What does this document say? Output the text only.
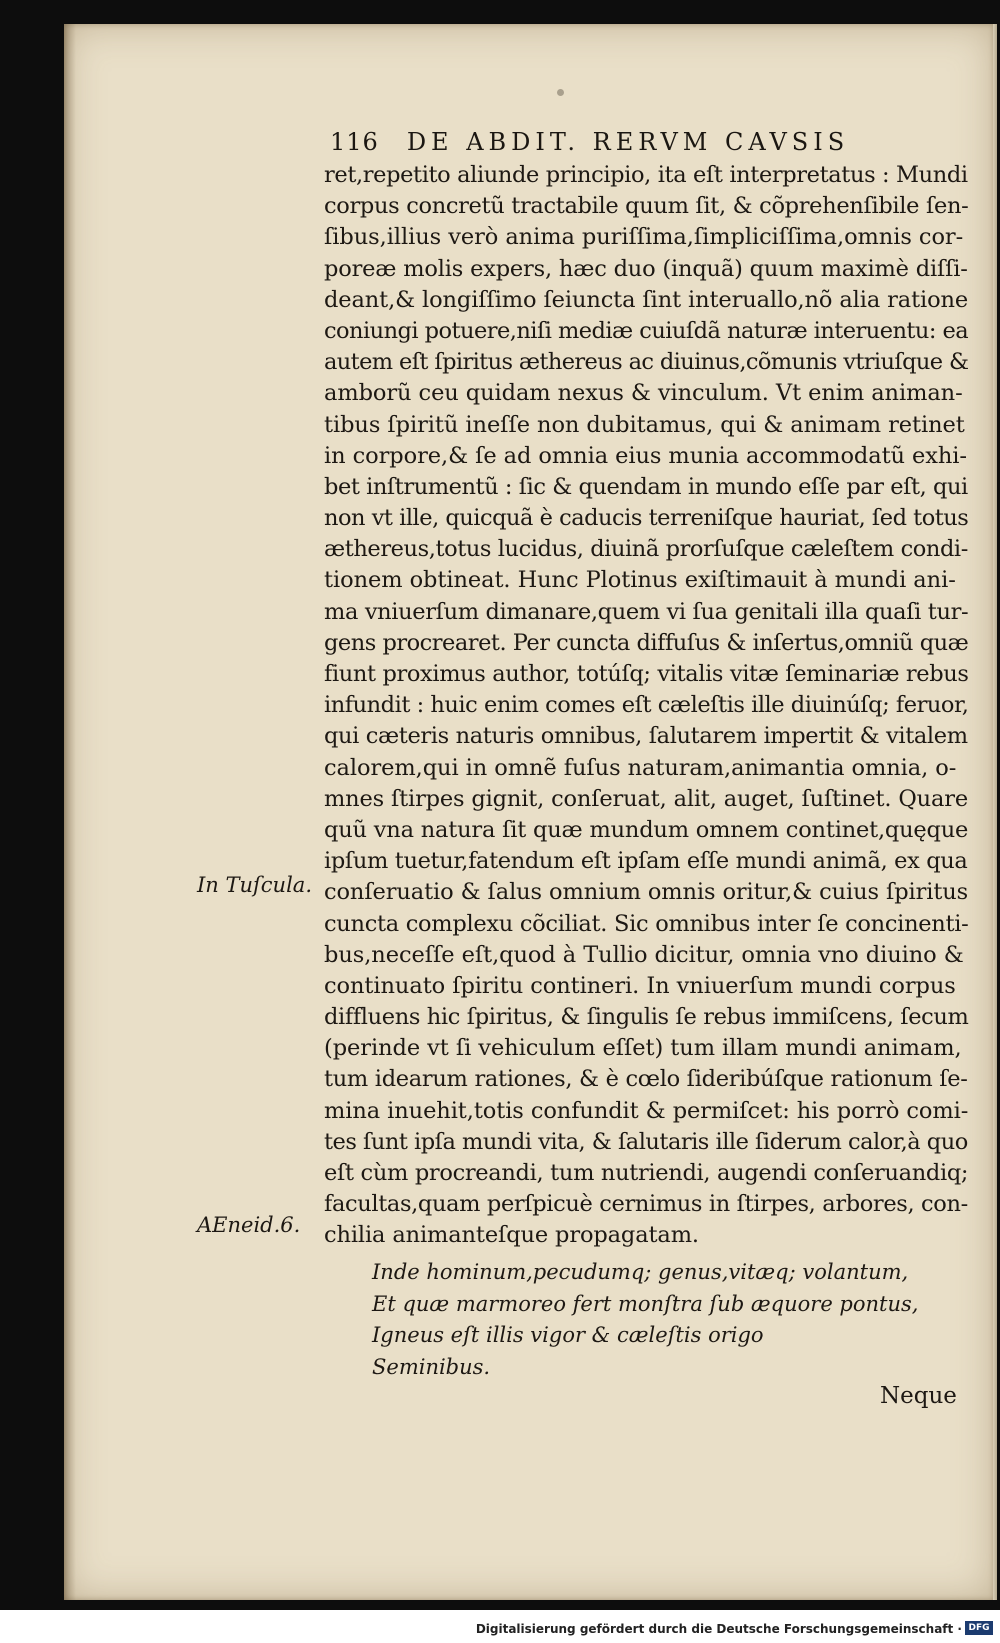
116 DE ABDIT. RERVM CAVSIS
ret,repetito aliunde principio, ita eſt interpretatus : Mundi
corpus concretũ tractabile quum ſit, & cõprehenſibile ſen-
ſibus,illius verò anima puriſſima,ſimpliciſſima,omnis cor-
poreæ molis expers, hæc duo (inquã) quum maximè diſſi-
deant,& longiſſimo ſeiuncta ſint interuallo,nõ alia ratione
coniungi potuere,niſi mediæ cuiuſdã naturæ interuentu: ea
autem eſt ſpiritus æthereus ac diuinus,cõmunis vtriuſque &
amborũ ceu quidam nexus & vinculum. Vt enim animan-
tibus ſpiritũ ineſſe non dubitamus, qui & animam retinet
in corpore,& ſe ad omnia eius munia accommodatũ exhi-
bet inſtrumentũ : ſic & quendam in mundo eſſe par eſt, qui
non vt ille, quicquã è caducis terreniſque hauriat, ſed totus
æthereus,totus lucidus, diuinã prorſuſque cæleſtem condi-
tionem obtineat. Hunc Plotinus exiſtimauit à mundi ani-
ma vniuerſum dimanare,quem vi ſua genitali illa quaſi tur-
gens procrearet. Per cuncta diffuſus & inſertus,omniũ quæ
fiunt proximus author, totúſq; vitalis vitæ ſeminariæ rebus
infundit : huic enim comes eſt cæleſtis ille diuinúſq; feruor,
qui cæteris naturis omnibus, ſalutarem impertit & vitalem
calorem,qui in omnẽ fuſus naturam,animantia omnia, o-
mnes ſtirpes gignit, conſeruat, alit, auget, ſuſtinet. Quare
quũ vna natura ſit quæ mundum omnem continet,quęque
ipſum tuetur,fatendum eſt ipſam eſſe mundi animã, ex qua
conſeruatio & ſalus omnium omnis oritur,& cuius ſpiritus
cuncta complexu cõciliat. Sic omnibus inter ſe concinenti-
bus,neceſſe eſt,quod à Tullio dicitur, omnia vno diuino &
continuato ſpiritu contineri. In vniuerſum mundi corpus
diffluens hic ſpiritus, & ſingulis ſe rebus immiſcens, ſecum
(perinde vt ſi vehiculum eſſet) tum illam mundi animam,
tum idearum rationes, & è cœlo ſideribúſque rationum ſe-
mina inuehit,totis confundit & permiſcet: his porrò comi-
tes ſunt ipſa mundi vita, & ſalutaris ille ſiderum calor,à quo
eſt cùm procreandi, tum nutriendi, augendi conſeruandiq;
facultas,quam perſpicuè cernimus in ſtirpes, arbores, con-
chilia animanteſque propagatam.
In Tuſcula.
AEneid.6.
Inde hominum,pecudumq; genus,vitæq; volantum,
Et quæ marmoreo fert monſtra ſub æquore pontus,
Igneus eſt illis vigor & cæleſtis origo
Seminibus.
Neque
Digitalisierung gefördert durch die Deutsche Forschungsgemeinschaft · DFG
